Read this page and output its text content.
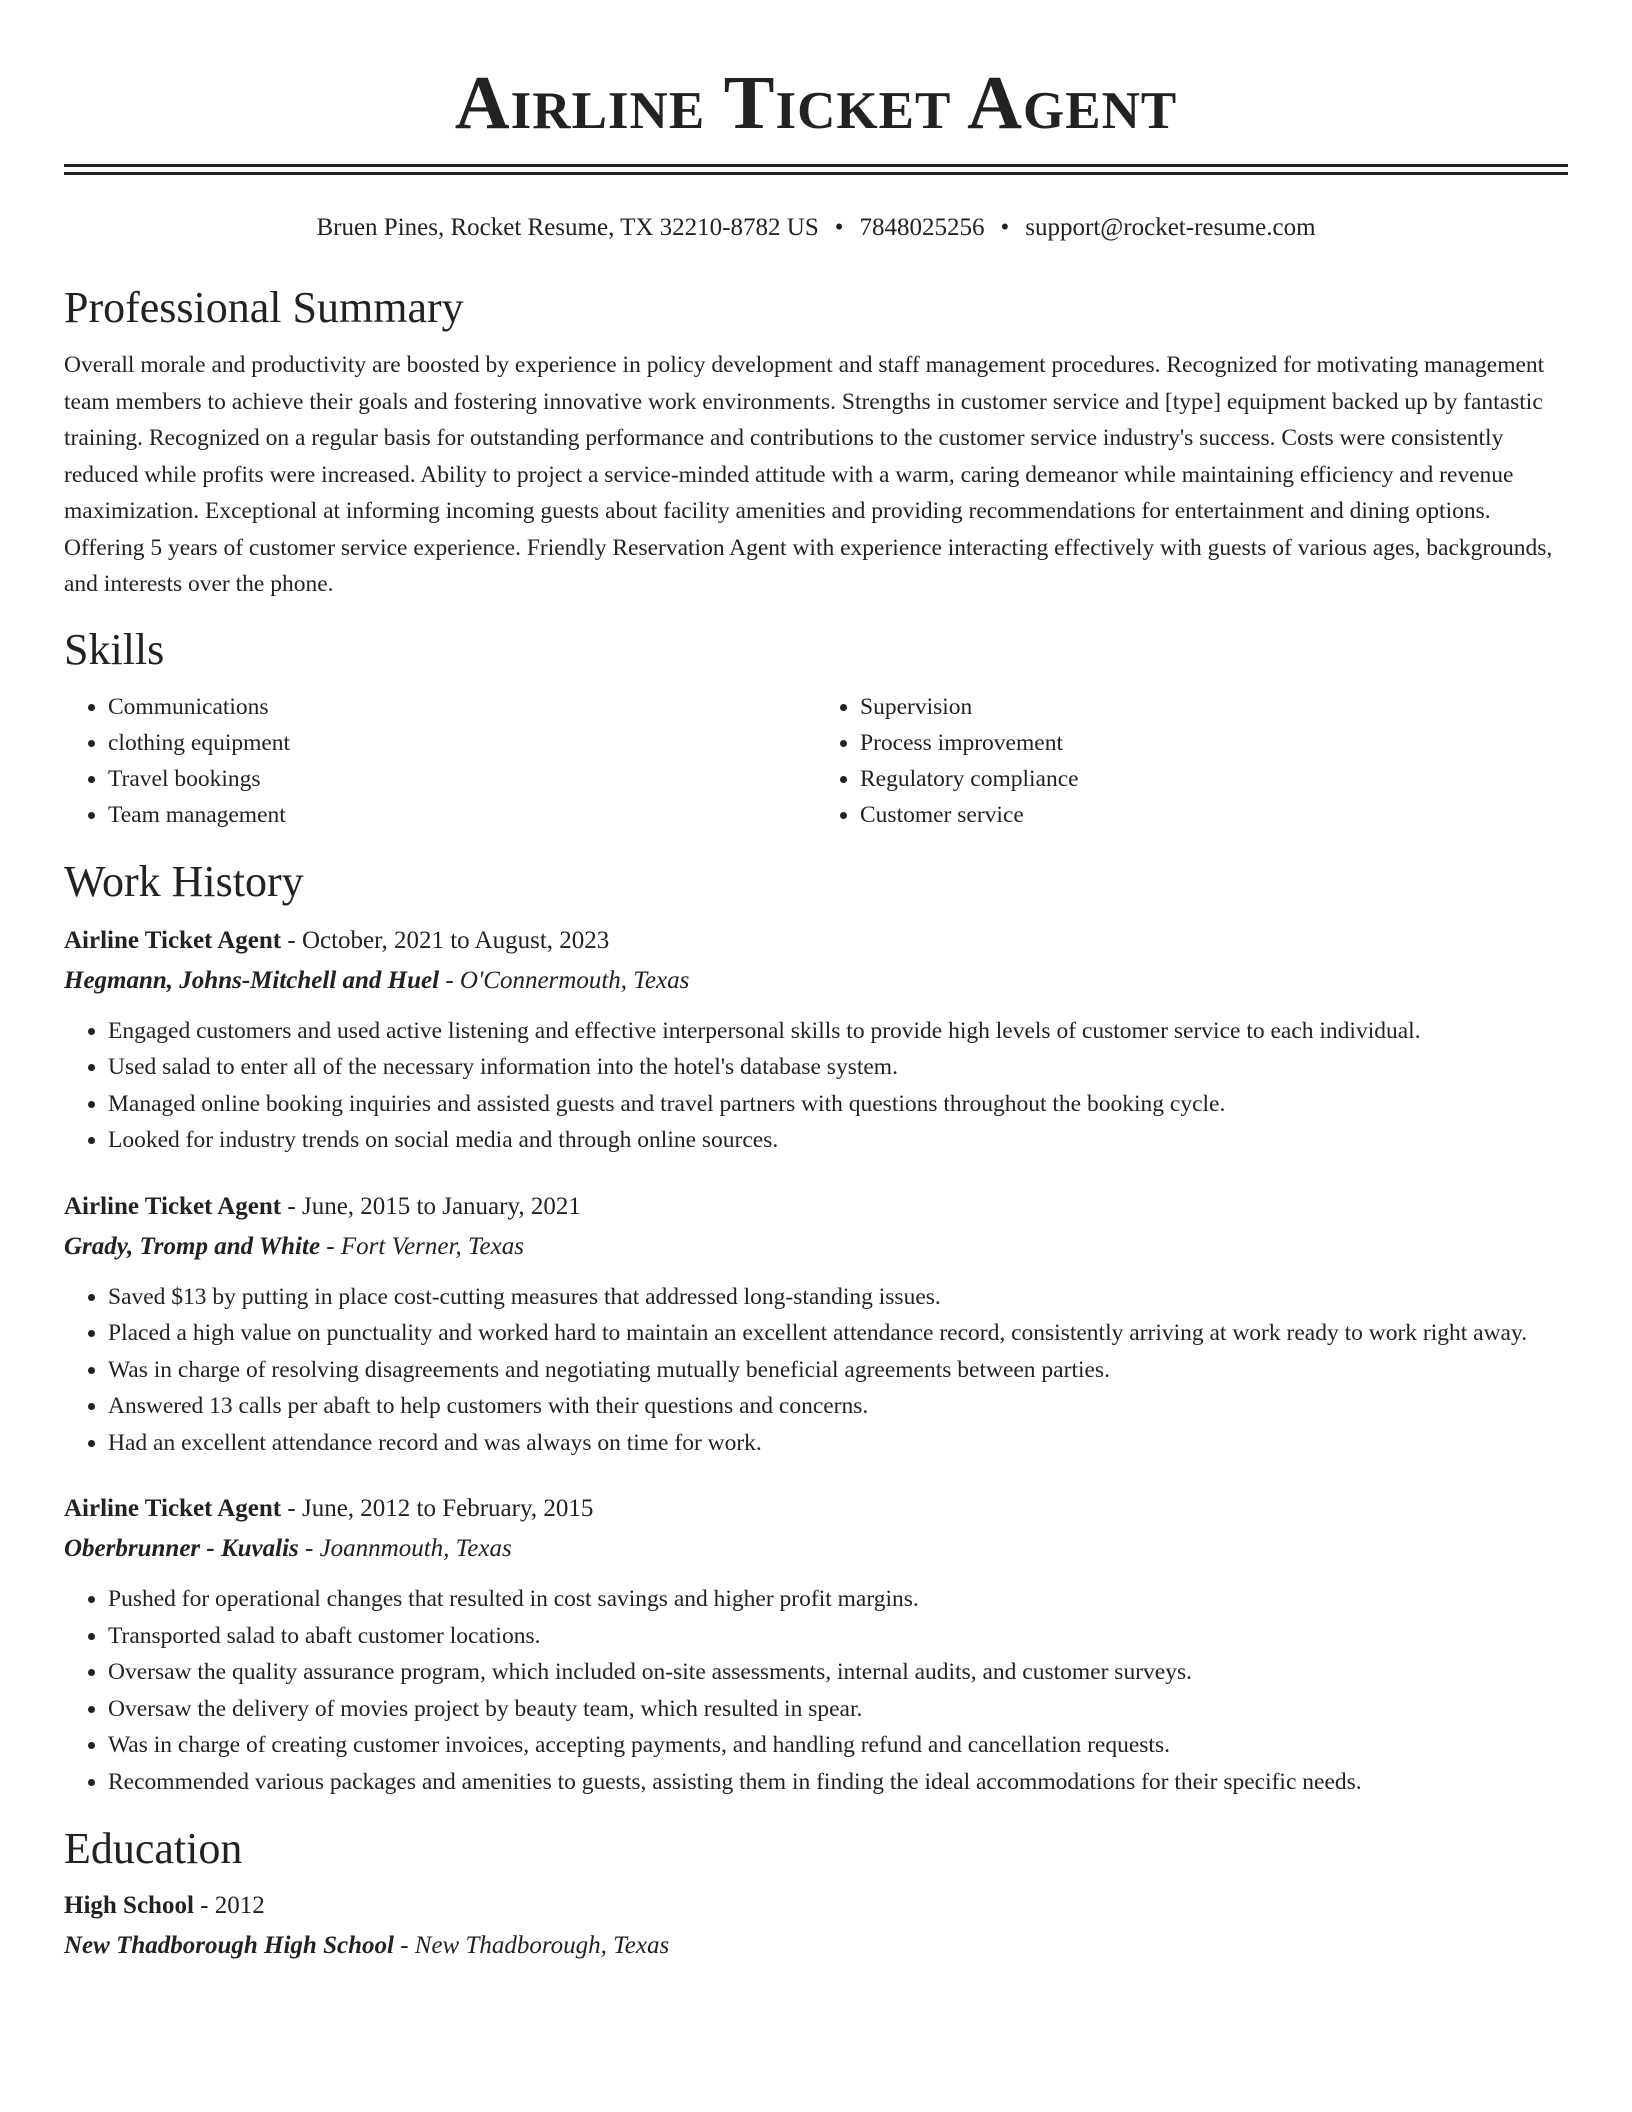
Airline Ticket Agent
Bruen Pines, Rocket Resume, TX 32210-8782 US • 7848025256 • support@rocket-resume.com
Professional Summary

Overall morale and productivity are boosted by experience in policy development and staff management procedures. Recognized for motivating management team members to achieve their goals and fostering innovative work environments. Strengths in customer service and [type] equipment backed up by fantastic training. Recognized on a regular basis for outstanding performance and contributions to the customer service industry's success. Costs were consistently reduced while profits were increased. Ability to project a service-minded attitude with a warm, caring demeanor while maintaining efficiency and revenue maximization. Exceptional at informing incoming guests about facility amenities and providing recommendations for entertainment and dining options. Offering 5 years of customer service experience. Friendly Reservation Agent with experience interacting effectively with guests of various ages, backgrounds, and interests over the phone.

Skills
• Communications
• clothing equipment
• Travel bookings
• Team management
• Supervision
• Process improvement
• Regulatory compliance
• Customer service
Work History
Airline Ticket Agent - October, 2021 to August, 2023
Hegmann, Johns-Mitchell and Huel - O'Connermouth, Texas
• Engaged customers and used active listening and effective interpersonal skills to provide high levels of customer service to each individual.
• Used salad to enter all of the necessary information into the hotel's database system.
• Managed online booking inquiries and assisted guests and travel partners with questions throughout the booking cycle.
• Looked for industry trends on social media and through online sources.
Airline Ticket Agent - June, 2015 to January, 2021
Grady, Tromp and White - Fort Verner, Texas
• Saved $13 by putting in place cost-cutting measures that addressed long-standing issues.
• Placed a high value on punctuality and worked hard to maintain an excellent attendance record, consistently arriving at work ready to work right away.
• Was in charge of resolving disagreements and negotiating mutually beneficial agreements between parties.
• Answered 13 calls per abaft to help customers with their questions and concerns.
• Had an excellent attendance record and was always on time for work.
Airline Ticket Agent - June, 2012 to February, 2015
Oberbrunner - Kuvalis - Joannmouth, Texas
• Pushed for operational changes that resulted in cost savings and higher profit margins.
• Transported salad to abaft customer locations.
• Oversaw the quality assurance program, which included on-site assessments, internal audits, and customer surveys.
• Oversaw the delivery of movies project by beauty team, which resulted in spear.
• Was in charge of creating customer invoices, accepting payments, and handling refund and cancellation requests.
• Recommended various packages and amenities to guests, assisting them in finding the ideal accommodations for their specific needs.
Education
High School - 2012
New Thadborough High School - New Thadborough, Texas
